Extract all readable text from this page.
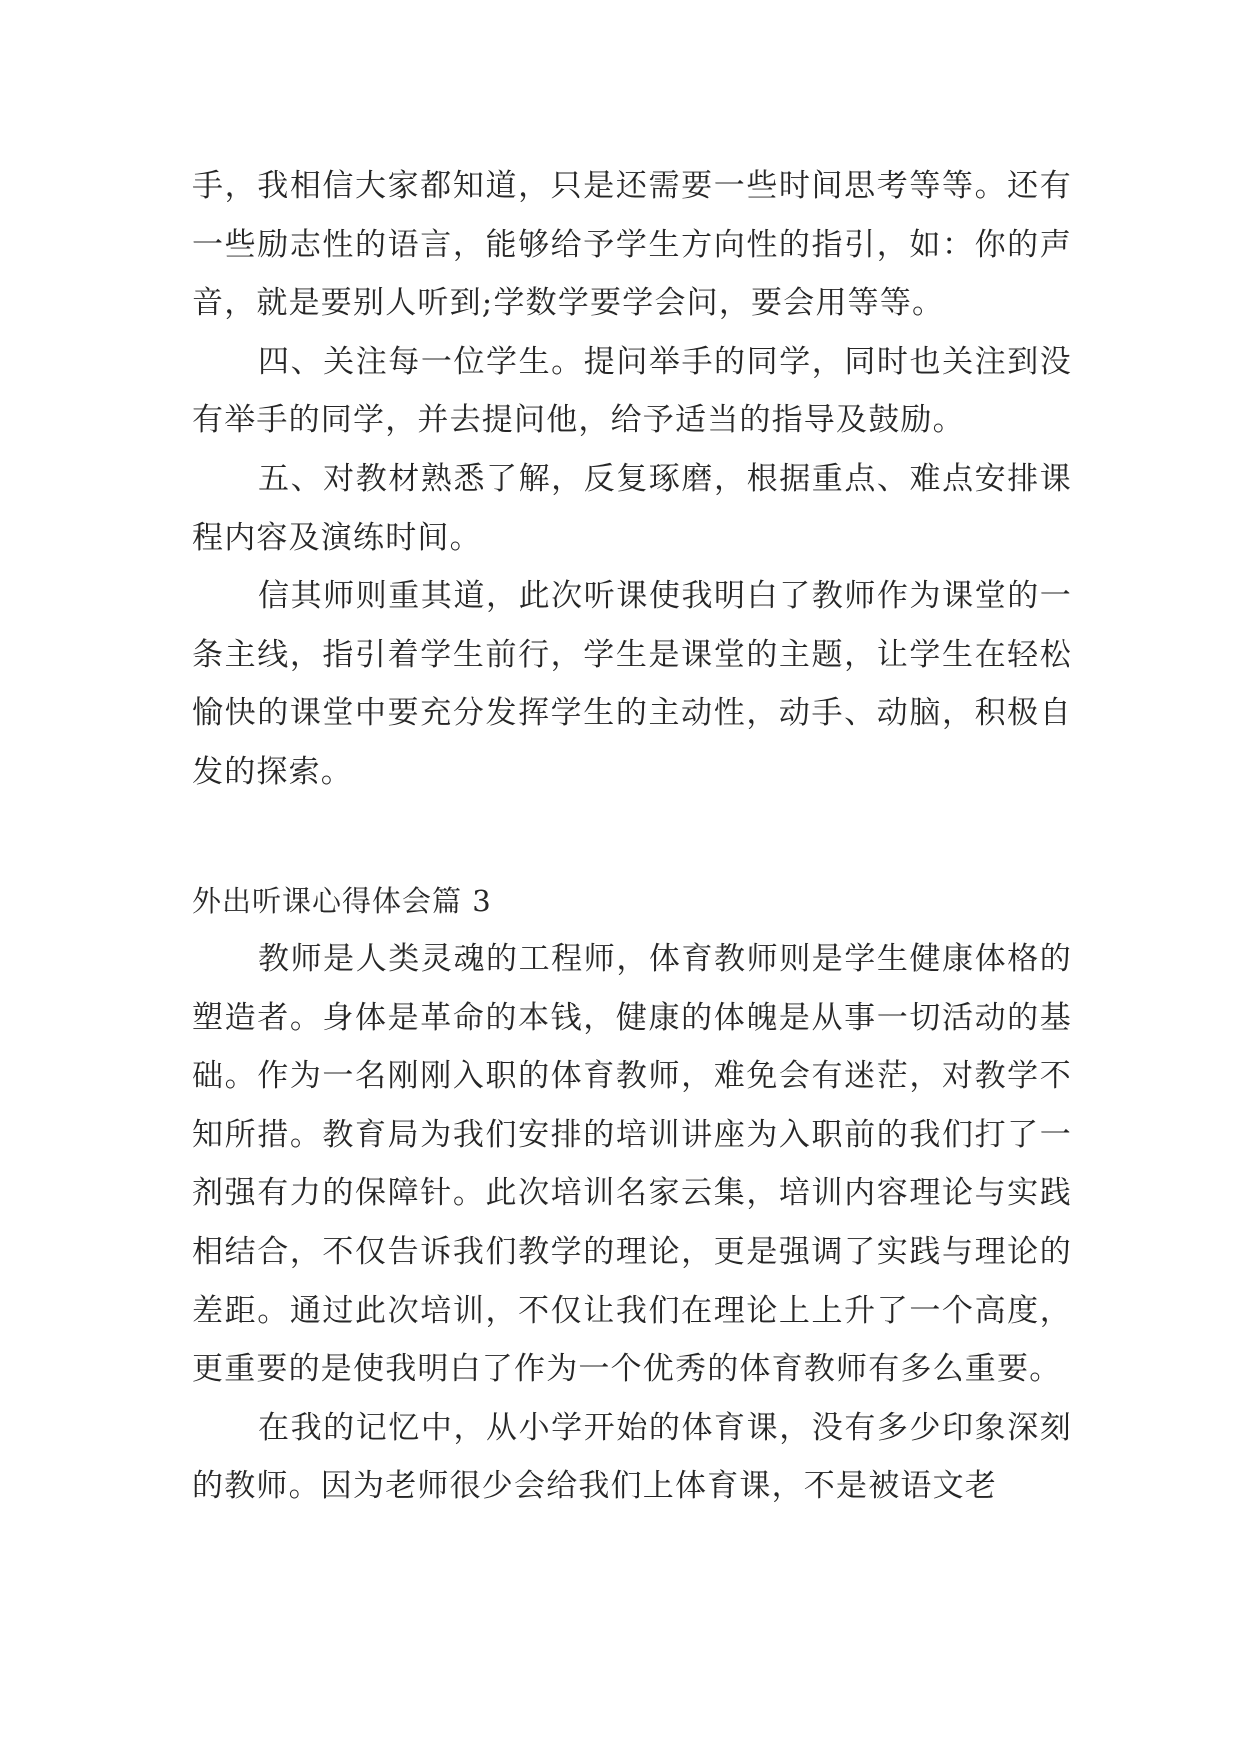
手，我相信大家都知道，只是还需要一些时间思考等等。还有一些励志性的语言，能够给予学生方向性的指引，如：你的声音，就是要别人听到;学数学要学会问，要会用等等。

四、关注每一位学生。提问举手的同学，同时也关注到没有举手的同学，并去提问他，给予适当的指导及鼓励。

五、对教材熟悉了解，反复琢磨，根据重点、难点安排课程内容及演练时间。

信其师则重其道，此次听课使我明白了教师作为课堂的一条主线，指引着学生前行，学生是课堂的主题，让学生在轻松愉快的课堂中要充分发挥学生的主动性，动手、动脑，积极自发的探索。

外出听课心得体会篇 3

教师是人类灵魂的工程师，体育教师则是学生健康体格的塑造者。身体是革命的本钱，健康的体魄是从事一切活动的基础。作为一名刚刚入职的体育教师，难免会有迷茫，对教学不知所措。教育局为我们安排的培训讲座为入职前的我们打了一剂强有力的保障针。此次培训名家云集，培训内容理论与实践相结合，不仅告诉我们教学的理论，更是强调了实践与理论的差距。通过此次培训，不仅让我们在理论上上升了一个高度，更重要的是使我明白了作为一个优秀的体育教师有多么重要。

在我的记忆中，从小学开始的体育课，没有多少印象深刻的教师。因为老师很少会给我们上体育课，不是被语文老
